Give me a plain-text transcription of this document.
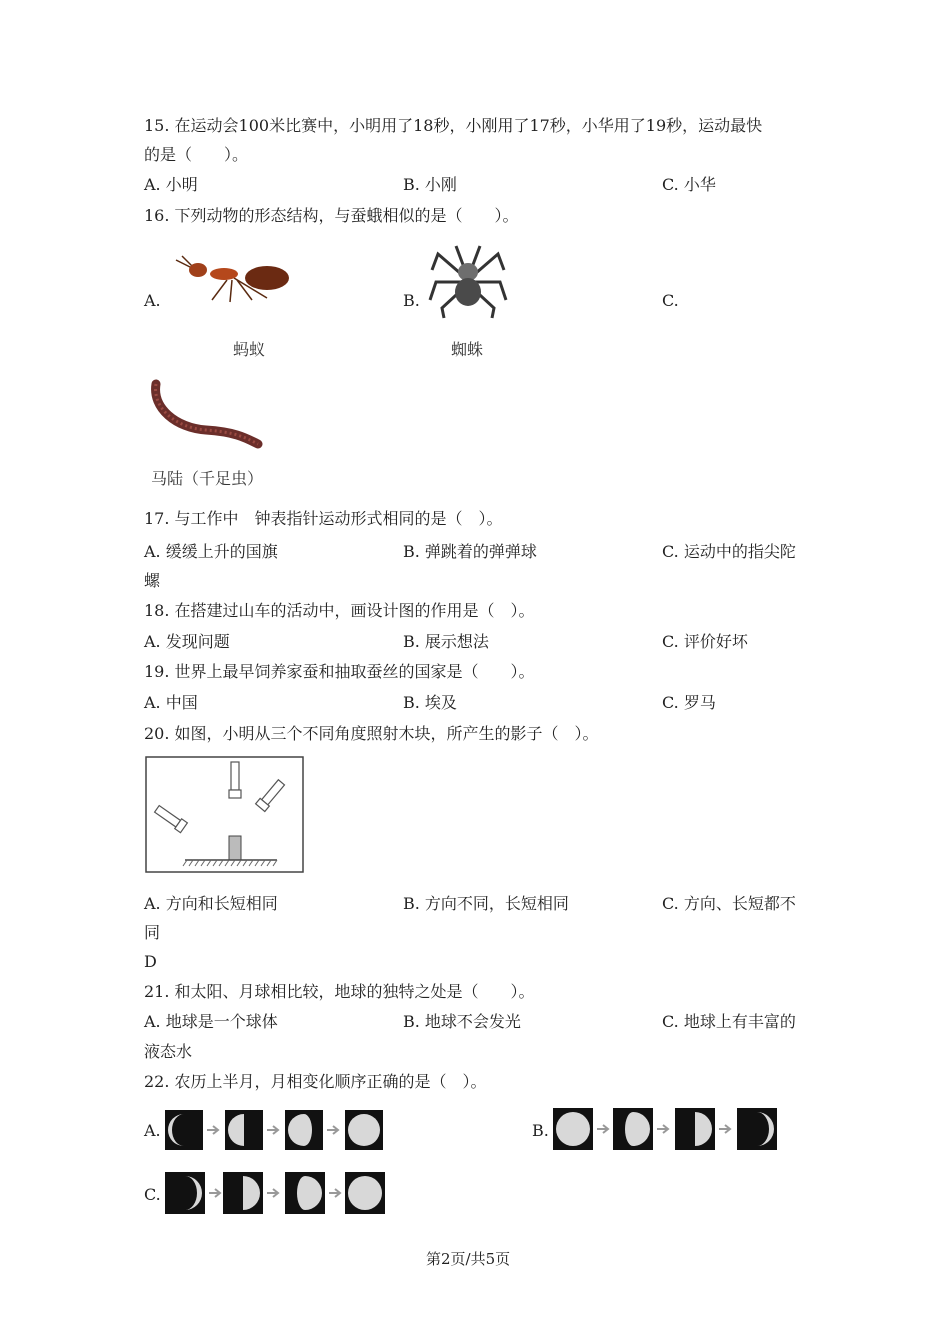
15. 在运动会100米比赛中，小明用了18秒，小刚用了17秒，小华用了19秒，运动最快
的是（　　）。
A. 小明	B. 小刚	C. 小华
16. 下列动物的形态结构，与蚕蛾相似的是（　　）。
A.	B.	C.
蚂蚁	蜘蛛
马陆（千足虫）
17. 与工作中　钟表指针运动形式相同的是（　）。
A. 缓缓上升的国旗	B. 弹跳着的弹弹球	C. 运动中的指尖陀
螺
18. 在搭建过山车的活动中，画设计图的作用是（　）。
A. 发现问题	B. 展示想法	C. 评价好坏
19. 世界上最早饲养家蚕和抽取蚕丝的国家是（　　）。
A. 中国	B. 埃及	C. 罗马
20. 如图，小明从三个不同角度照射木块，所产生的影子（　）。
A. 方向和长短相同	B. 方向不同，长短相同	C. 方向、长短都不
同
D
21. 和太阳、月球相比较，地球的独特之处是（　　）。
A. 地球是一个球体	B. 地球不会发光	C. 地球上有丰富的
液态水
22. 农历上半月，月相变化顺序正确的是（　）。
A.	B.
C.
第2页/共5页
